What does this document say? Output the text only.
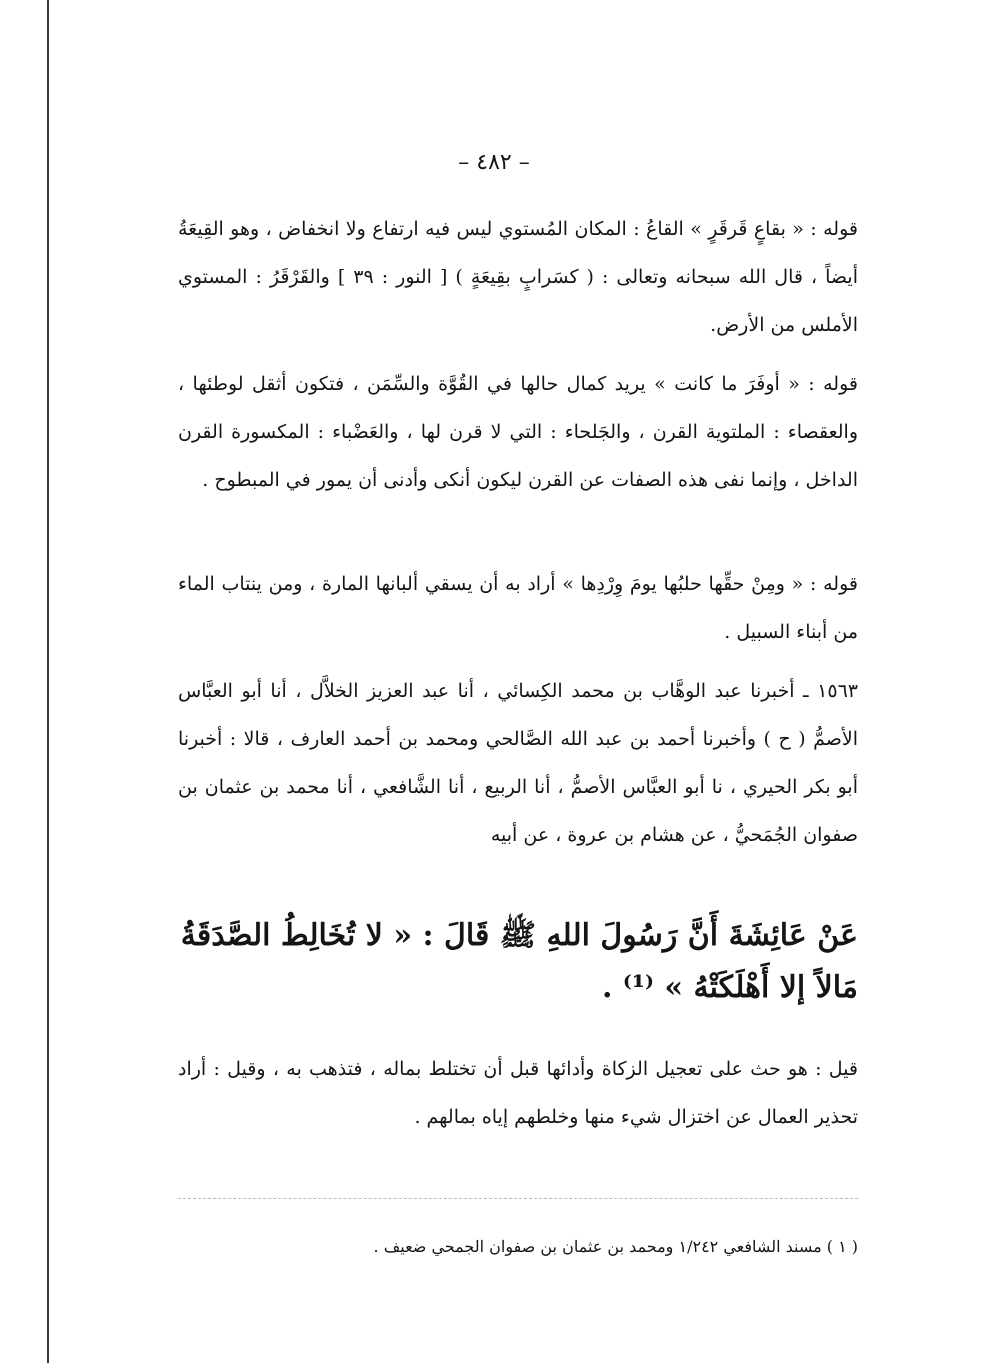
– ٤٨٢ –

قوله : « بقاعٍ قَرقَرٍ » القاعُ : المكان المُستوي ليس فيه ارتفاع ولا انخفاض ، وهو القِيعَةُ أيضاً ، قال الله سبحانه وتعالى : ( كسَرابٍ بقِيعَةٍ ) [ النور : ٣٩ ] والقَرْقَرُ : المستوي الأملس من الأرض.

قوله : « أوفَرَ ما كانت » يريد كمال حالها في القُوَّة والسِّمَن ، فتكون أثقل لوطئها ، والعقصاء : الملتوية القرن ، والجَلحاء : التي لا قرن لها ، والعَضْباء : المكسورة القرن الداخل ، وإنما نفى هذه الصفات عن القرن ليكون أنكى وأدنى أن يمور في المبطوح .

قوله : « ومِنْ حقِّها حلبُها يومَ وِرْدِها » أراد به أن يسقي ألبانها المارة ، ومن ينتاب الماء من أبناء السبيل .

١٥٦٣ ـ أخبرنا عبد الوهَّاب بن محمد الكِسائي ، أنا عبد العزيز الخلاَّل ، أنا أبو العبَّاس الأصمُّ ( ح ) وأخبرنا أحمد بن عبد الله الصَّالحي ومحمد بن أحمد العارف ، قالا : أخبرنا أبو بكر الحيري ، نا أبو العبَّاس الأصمُّ ، أنا الربيع ، أنا الشَّافعي ، أنا محمد بن عثمان بن صفوان الجُمَحيُّ ، عن هشام بن عروة ، عن أبيه

عَنْ عَائِشَةَ أَنَّ رَسُولَ اللهِ ﷺ قَالَ : « لا تُخَالِطُ الصَّدَقَةُ مَالاً إلا أَهْلَكَتْهُ » ⁽¹⁾ .

قيل : هو حث على تعجيل الزكاة وأدائها قبل أن تختلط بماله ، فتذهب به ، وقيل : أراد تحذير العمال عن اختزال شيء منها وخلطهم إياه بمالهم .

( ١ ) مسند الشافعي ١/٢٤٢ ومحمد بن عثمان بن صفوان الجمحي ضعيف .
